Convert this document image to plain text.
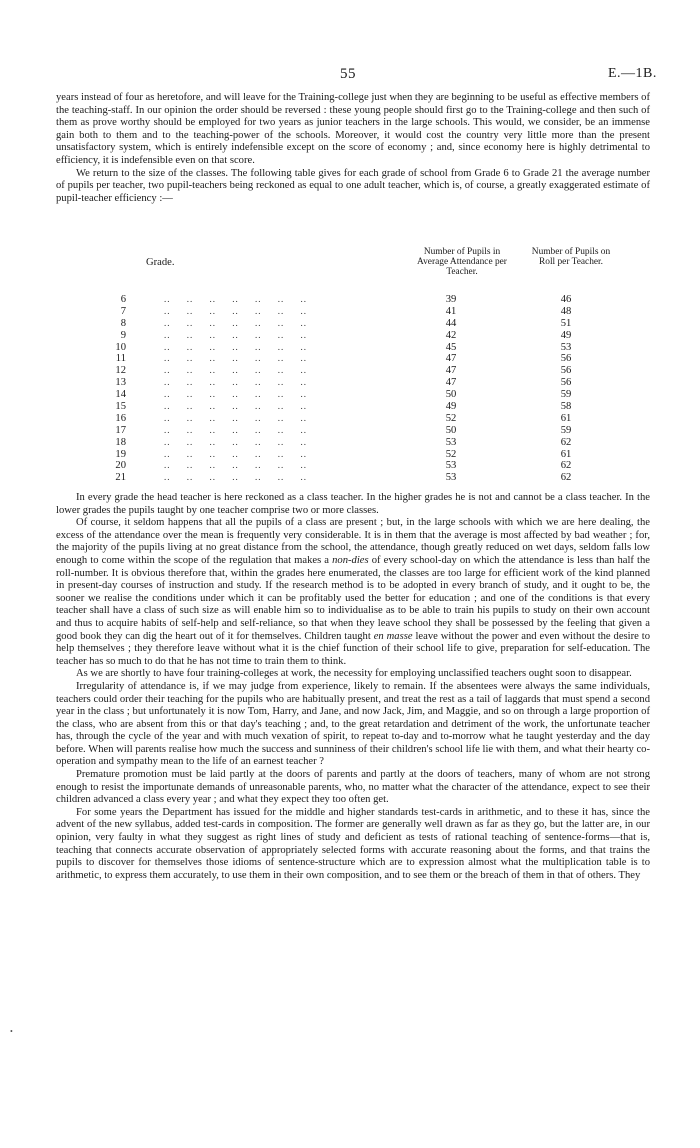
55	E.—1B.

years instead of four as heretofore, and will leave for the Training-college just when they are beginning to be useful as effective members of the teaching-staff. In our opinion the order should be reversed : these young people should first go to the Training-college and then such of them as prove worthy should be employed for two years as junior teachers in the large schools. This would, we consider, be an immense gain both to them and to the teaching-power of the schools. Moreover, it would cost the country very little more than the present unsatisfactory system, which is entirely indefensible except on the score of economy ; and, since economy here is highly detrimental to efficiency, it is indefensible even on that score.

We return to the size of the classes. The following table gives for each grade of school from Grade 6 to Grade 21 the average number of pupils per teacher, two pupil-teachers being reckoned as equal to one adult teacher, which is, of course, a greatly exaggerated estimate of pupil-teacher efficiency :—

Grade.
Number of Pupils in Average Attendance per Teacher.
Number of Pupils on Roll per Teacher.
6	..     ..     ..     ..     ..     ..     ..	39	46
7	..     ..     ..     ..     ..     ..     ..	41	48
8	..     ..     ..     ..     ..     ..     ..	44	51
9	..     ..     ..     ..     ..     ..     ..	42	49
10	..     ..     ..     ..     ..     ..     ..	45	53
11	..     ..     ..     ..     ..     ..     ..	47	56
12	..     ..     ..     ..     ..     ..     ..	47	56
13	..     ..     ..     ..     ..     ..     ..	47	56
14	..     ..     ..     ..     ..     ..     ..	50	59
15	..     ..     ..     ..     ..     ..     ..	49	58
16	..     ..     ..     ..     ..     ..     ..	52	61
17	..     ..     ..     ..     ..     ..     ..	50	59
18	..     ..     ..     ..     ..     ..     ..	53	62
19	..     ..     ..     ..     ..     ..     ..	52	61
20	..     ..     ..     ..     ..     ..     ..	53	62
21	..     ..     ..     ..     ..     ..     ..	53	62

In every grade the head teacher is here reckoned as a class teacher. In the higher grades he is not and cannot be a class teacher. In the lower grades the pupils taught by one teacher comprise two or more classes.

Of course, it seldom happens that all the pupils of a class are present ; but, in the large schools with which we are here dealing, the excess of the attendance over the mean is frequently very considerable. It is in them that the average is most affected by bad weather ; for, the majority of the pupils living at no great distance from the school, the attendance, though greatly reduced on wet days, seldom falls low enough to come within the scope of the regulation that makes a non-dies of every school-day on which the attendance is less than half the roll-number. It is obvious therefore that, within the grades here enumerated, the classes are too large for efficient work of the kind planned in present-day courses of instruction and study. If the research method is to be adopted in every branch of study, and it ought to be, the sooner we realise the conditions under which it can be profitably used the better for education ; and one of the conditions is that every teacher shall have a class of such size as will enable him so to individualise as to be able to train his pupils to study on their own account and thus to acquire habits of self-help and self-reliance, so that when they leave school they shall be possessed by the feeling that given a good book they can dig the heart out of it for themselves. Children taught en masse leave without the power and even without the desire to help themselves ; they therefore leave without what it is the chief function of their school life to give, preparation for self-education. The teacher has so much to do that he has not time to train them to think.

As we are shortly to have four training-colleges at work, the necessity for employing unclassified teachers ought soon to disappear.

Irregularity of attendance is, if we may judge from experience, likely to remain. If the absentees were always the same individuals, teachers could order their teaching for the pupils who are habitually present, and treat the rest as a tail of laggards that must spend a second year in the class ; but unfortunately it is now Tom, Harry, and Jane, and now Jack, Jim, and Maggie, and so on through a large proportion of the class, who are absent from this or that day's teaching ; and, to the great retardation and detriment of the work, the unfortunate teacher has, through the cycle of the year and with much vexation of spirit, to repeat to-day and to-morrow what he taught yesterday and the day before. When will parents realise how much the success and sunniness of their children's school life lie with them, and what their hearty co-operation and sympathy mean to the life of an earnest teacher ?

Premature promotion must be laid partly at the doors of parents and partly at the doors of teachers, many of whom are not strong enough to resist the importunate demands of unreasonable parents, who, no matter what the character of the attendance, expect to see their children advanced a class every year ; and what they expect they too often get.

For some years the Department has issued for the middle and higher standards test-cards in arithmetic, and to these it has, since the advent of the new syllabus, added test-cards in composition. The former are generally well drawn as far as they go, but the latter are, in our opinion, very faulty in what they suggest as right lines of study and deficient as tests of rational teaching of sentence-forms—that is, teaching that connects accurate observation of appropriately selected forms with accurate reasoning about the forms, and that trains the pupils to discover for themselves those idioms of sentence-structure which are to expression almost what the multiplication table is to arithmetic, to express them accurately, to use them in their own composition, and to see them or the breach of them in that of others. They

•
